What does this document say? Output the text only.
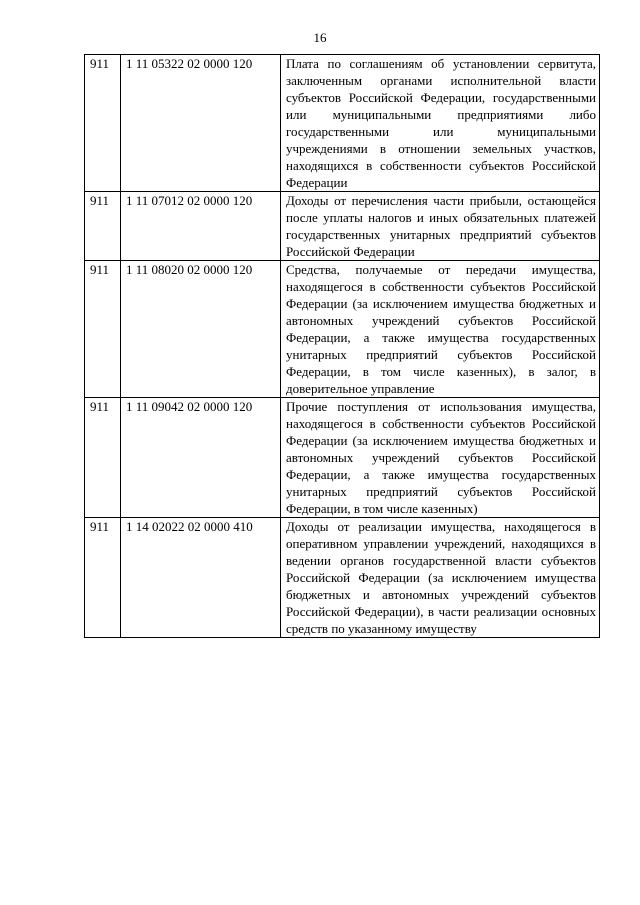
16
911	1 11 05322 02 0000 120	Плата по соглашениям об установлении сервитута, заключенным органами исполнительной власти субъектов Российской Федерации, государственными или муниципальными предприятиями либо государственными или муниципальными учреждениями в отношении земельных участков, находящихся в собственности субъектов Российской Федерации
911	1 11 07012 02 0000 120	Доходы от перечисления части прибыли, остающейся после уплаты налогов и иных обязательных платежей государственных унитарных предприятий субъектов Российской Федерации
911	1 11 08020 02 0000 120	Средства, получаемые от передачи имущества, находящегося в собственности субъектов Российской Федерации (за исключением имущества бюджетных и автономных учреждений субъектов Российской Федерации, а также имущества государственных унитарных предприятий субъектов Российской Федерации, в том числе казенных), в залог, в доверительное управление
911	1 11 09042 02 0000 120	Прочие поступления от использования имущества, находящегося в собственности субъектов Российской Федерации (за исключением имущества бюджетных и автономных учреждений субъектов Российской Федерации, а также имущества государственных унитарных предприятий субъектов Российской Федерации, в том числе казенных)
911	1 14 02022 02 0000 410	Доходы от реализации имущества, находящегося в оперативном управлении учреждений, находящихся в ведении органов государственной власти субъектов Российской Федерации (за исключением имущества бюджетных и автономных учреждений субъектов Российской Федерации), в части реализации основных средств по указанному имуществу
